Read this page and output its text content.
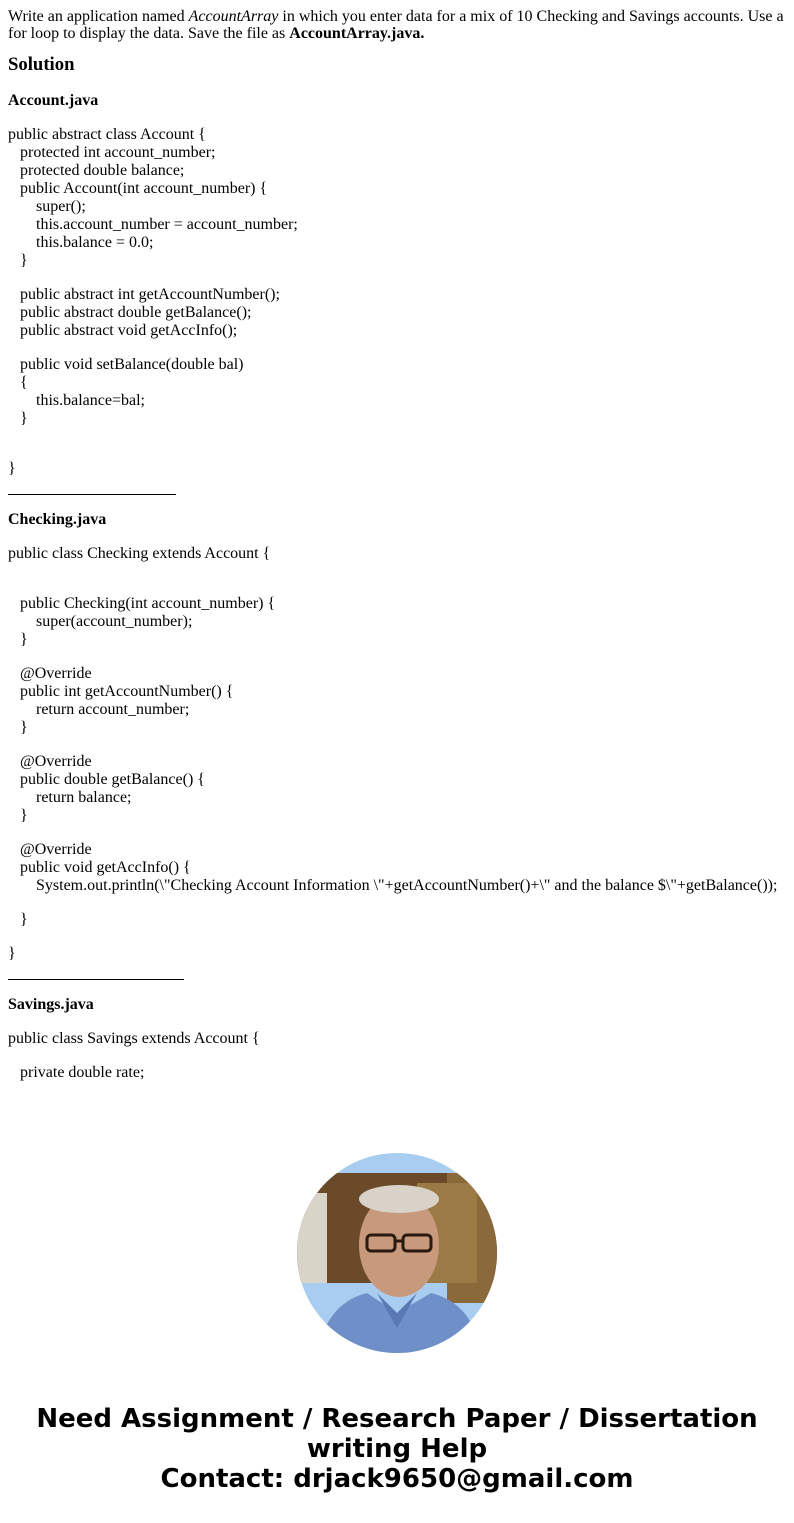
Write an application named AccountArray in which you enter data for a mix of 10 Checking and Savings accounts. Use a for loop to display the data. Save the file as AccountArray.java.

Solution

Account.java

public abstract class Account {
protected int account_number;
protected double balance;
public Account(int account_number) {
super();
this.account_number = account_number;
this.balance = 0.0;
}
public abstract int getAccountNumber();
public abstract double getBalance();
public abstract void getAccInfo();
public void setBalance(double bal)
{
this.balance=bal;
}
}

Checking.java

public class Checking extends Account {
public Checking(int account_number) {
super(account_number);
}
@Override
public int getAccountNumber() {
return account_number;
}
@Override
public double getBalance() {
return balance;
}
@Override
public void getAccInfo() {
System.out.println(\"Checking Account Information \"+getAccountNumber()+\" and the balance $\"+getBalance());
}
}

Savings.java

public class Savings extends Account {
private double rate;
Need Assignment / Research Paper / Dissertation
writing Help
Contact: drjack9650@gmail.com
